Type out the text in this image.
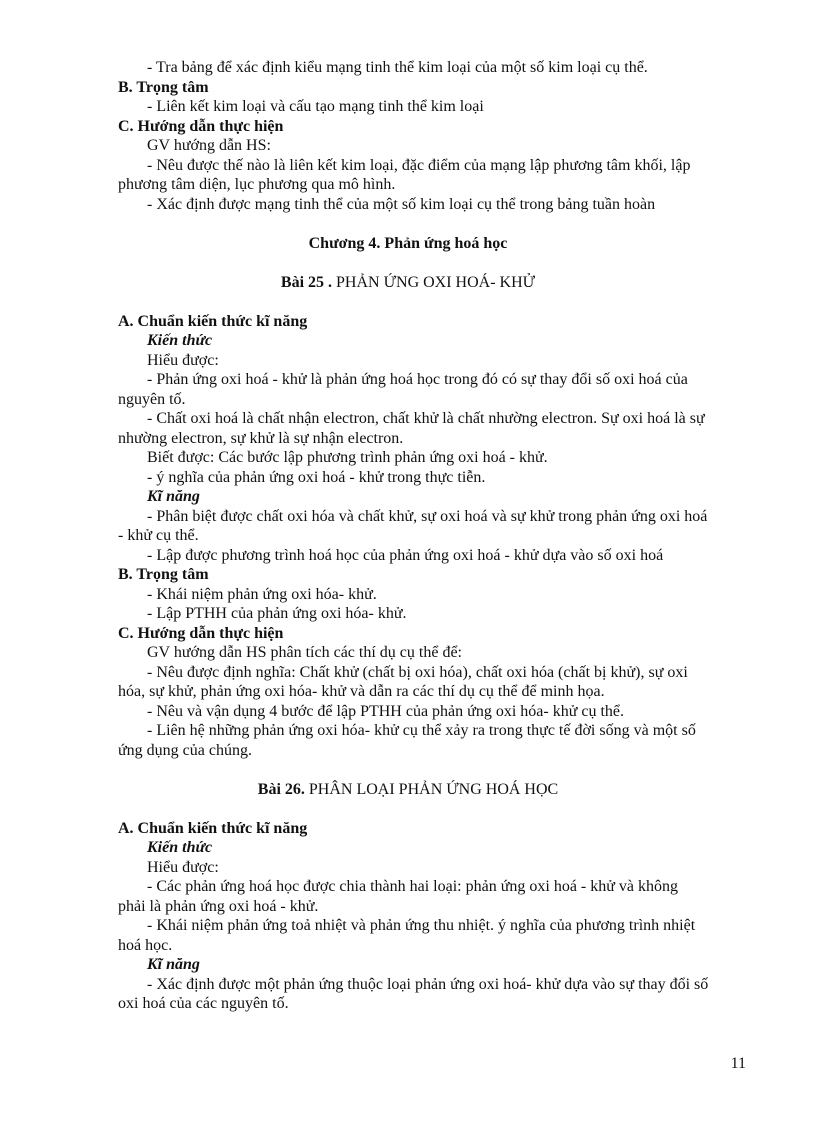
- Tra bảng để xác định kiểu mạng tinh thể kim loại của một số kim loại cụ thể.
B. Trọng tâm
- Liên kết kim loại và cấu tạo mạng tinh thể kim loại
C. Hướng dẫn thực hiện
GV hướng dẫn HS:
- Nêu được thế nào là liên kết kim loại, đặc điểm của mạng lập phương tâm khối, lập
phương tâm diện, lục phương qua mô hình.
- Xác định được mạng tinh thể của một số kim loại cụ thể trong bảng tuần hoàn
Chương 4. Phản ứng hoá học
Bài 25 . PHẢN ỨNG OXI HOÁ- KHỬ
A. Chuẩn kiến thức kĩ năng
Kiến thức
Hiểu được:
- Phản ứng oxi hoá - khử là phản ứng hoá học trong đó có sự thay đổi số oxi hoá của
nguyên tố.
- Chất oxi hoá là chất nhận electron, chất khử là chất nhường electron. Sự oxi hoá là sự
nhường electron, sự khử là sự nhận electron.
Biết được: Các bước lập phương trình phản ứng oxi hoá - khử.
- ý nghĩa của phản ứng oxi hoá - khử trong thực tiễn.
Kĩ năng
- Phân biệt được chất oxi hóa và chất khử, sự oxi hoá và sự khử trong phản ứng oxi hoá
- khử cụ thể.
- Lập được phương trình hoá học của phản ứng oxi hoá - khử dựa vào số oxi hoá
B. Trọng tâm
- Khái niệm phản ứng oxi hóa- khử.
- Lập PTHH của phản ứng oxi hóa- khử.
C. Hướng dẫn thực hiện
GV hướng dẫn HS phân tích các thí dụ cụ thể để:
- Nêu được định nghĩa: Chất khử (chất bị oxi hóa), chất oxi hóa (chất bị khử), sự oxi
hóa, sự khử, phản ứng oxi hóa- khử và dẫn ra các thí dụ cụ thể để minh họa.
- Nêu và vận dụng 4 bước để lập PTHH của phản ứng oxi hóa- khử cụ thể.
- Liên hệ những phản ứng oxi hóa- khử cụ thể xảy ra trong thực tế đời sống và một số
ứng dụng của chúng.
Bài 26. PHÂN LOẠI PHẢN ỨNG HOÁ HỌC
A. Chuẩn kiến thức kĩ năng
Kiến thức
Hiểu được:
- Các phản ứng hoá học được chia thành hai loại: phản ứng oxi hoá - khử và không
phải là phản ứng oxi hoá - khử.
- Khái niệm phản ứng toả nhiệt và phản ứng thu nhiệt. ý nghĩa của phương trình nhiệt
hoá học.
Kĩ năng
- Xác định được một phản ứng thuộc loại phản ứng oxi hoá- khử dựa vào sự thay đổi số
oxi hoá của các nguyên tố.
11
